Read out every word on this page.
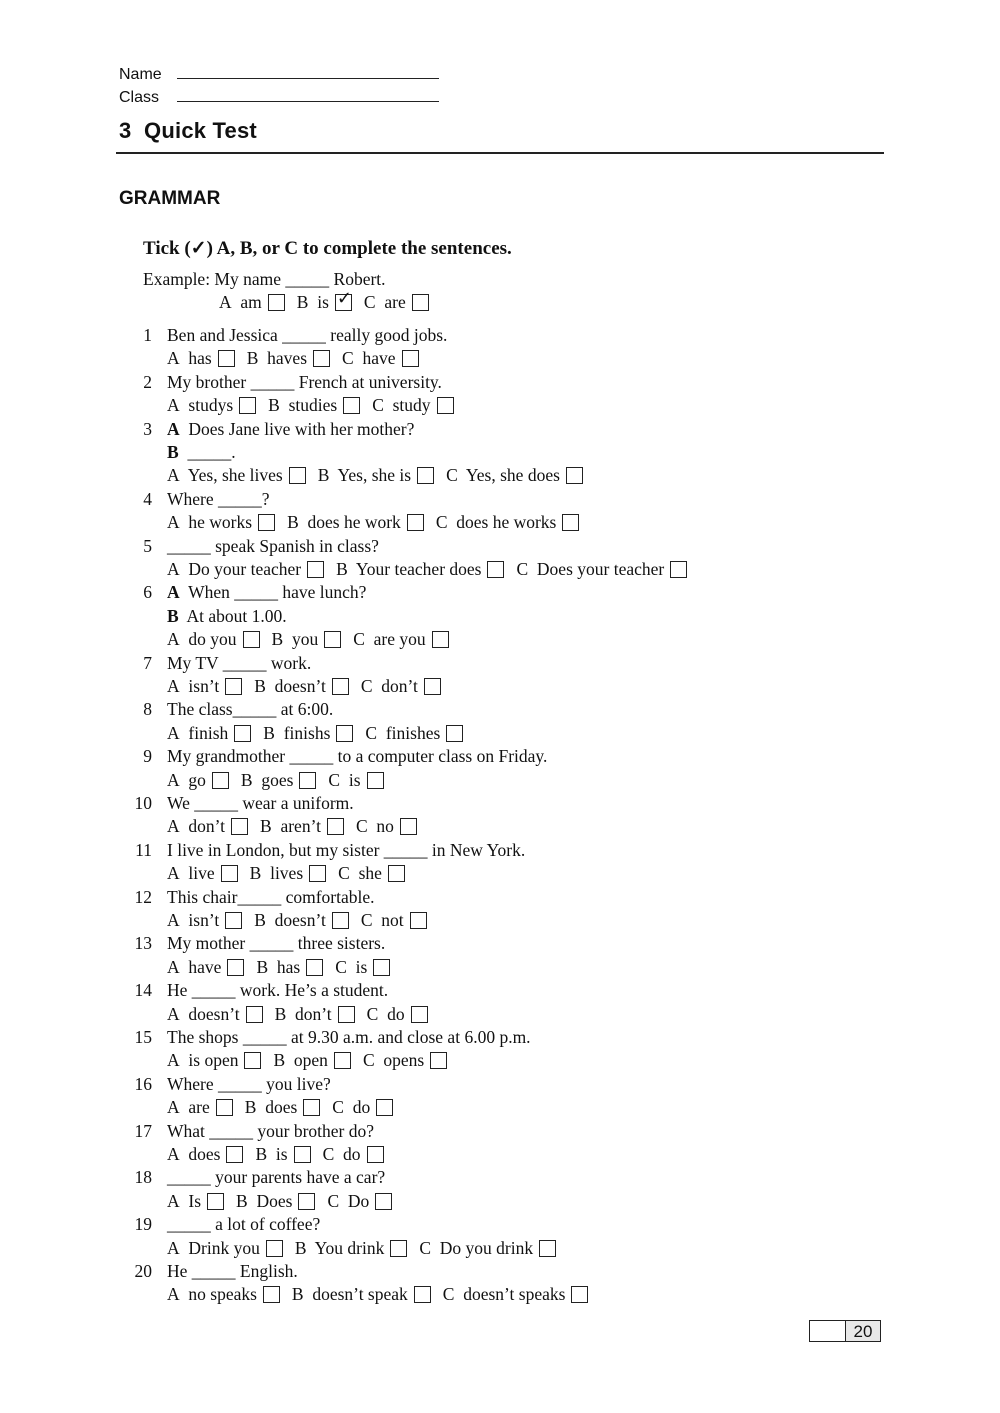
Name
Class
3  Quick Test
GRAMMAR
Tick (✓) A, B, or C to complete the sentences.
Example: My name _____ Robert.
A am B is ✓ C are
1 Ben and Jessica _____ really good jobs.
A has B haves C have
2 My brother _____ French at university.
A studys B studies C study
3 A  Does Jane live with her mother?
B  _____.
A Yes, she lives B Yes, she is C Yes, she does
4 Where _____?
A he works B does he work C does he works
5 _____ speak Spanish in class?
A Do your teacher B Your teacher does C Does your teacher
6 A  When _____ have lunch?
B  At about 1.00.
A do you B you C are you
7 My TV _____ work.
A isn’t B doesn’t C don’t
8 The class_____ at 6:00.
A finish B finishs C finishes
9 My grandmother _____ to a computer class on Friday.
A go B goes C is
10 We _____ wear a uniform.
A don’t B aren’t C no
11 I live in London, but my sister _____ in New York.
A live B lives C she
12 This chair_____ comfortable.
A isn’t B doesn’t C not
13 My mother _____ three sisters.
A have B has C is
14 He _____ work. He’s a student.
A doesn’t B don’t C do
15 The shops _____ at 9.30 a.m. and close at 6.00 p.m.
A is open B open C opens
16 Where _____ you live?
A are B does C do
17 What _____ your brother do?
A does B is C do
18 _____ your parents have a car?
A Is B Does C Do
19 _____ a lot of coffee?
A Drink you B You drink C Do you drink
20 He _____ English.
A no speaks B doesn’t speak C doesn’t speaks
20
